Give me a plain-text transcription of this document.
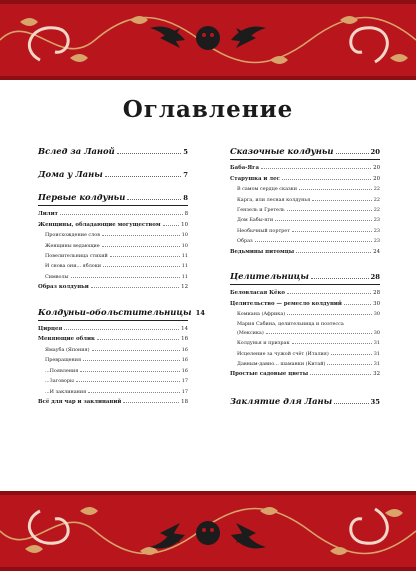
Оглавление
Вслед за Ланой	5
Дома у Ланы	7
Первые колдуньи	8
Лилит	8
Женщины, обладающие могуществом	10
Происхождение слов	10
Женщины ведающие	10
Повелительница стихий	11
И снова они... яблоки	11
Символы	11
Образ колдуньи	12
Колдуньи-обольстительницы 14
Цирцея	14
Меняющие облик	16
Ямауба (Япония)	16
Превращения	16
...Появления	16
...Заговоры	17
...И заклинания	17
Всё для чар и заклинаний	18
Сказочные колдуньи	20
Баба-Яга	20
Старушка и лес	20
В самом сердце сказки	22
Карга, или лесная колдунья	22
Гензель и Гретель	22
Дом Бабы-яги	23
Необычный портрет	23
Образ	23
Ведьмины питомцы	24
Целительницы	28
Беловласая Кёко	28
Целительство — ремесло колдуний	30
Комиана (Африка)	30
Мария Сабина, целительница и поэтесса
(Мексика)	30
Колдунья и призрак	31
Исцеление за чужой счёт (Италия)	31
Давным-давно... шаманки (Китай)	31
Простые садовые цветы	32
Заклятие для Ланы	35
